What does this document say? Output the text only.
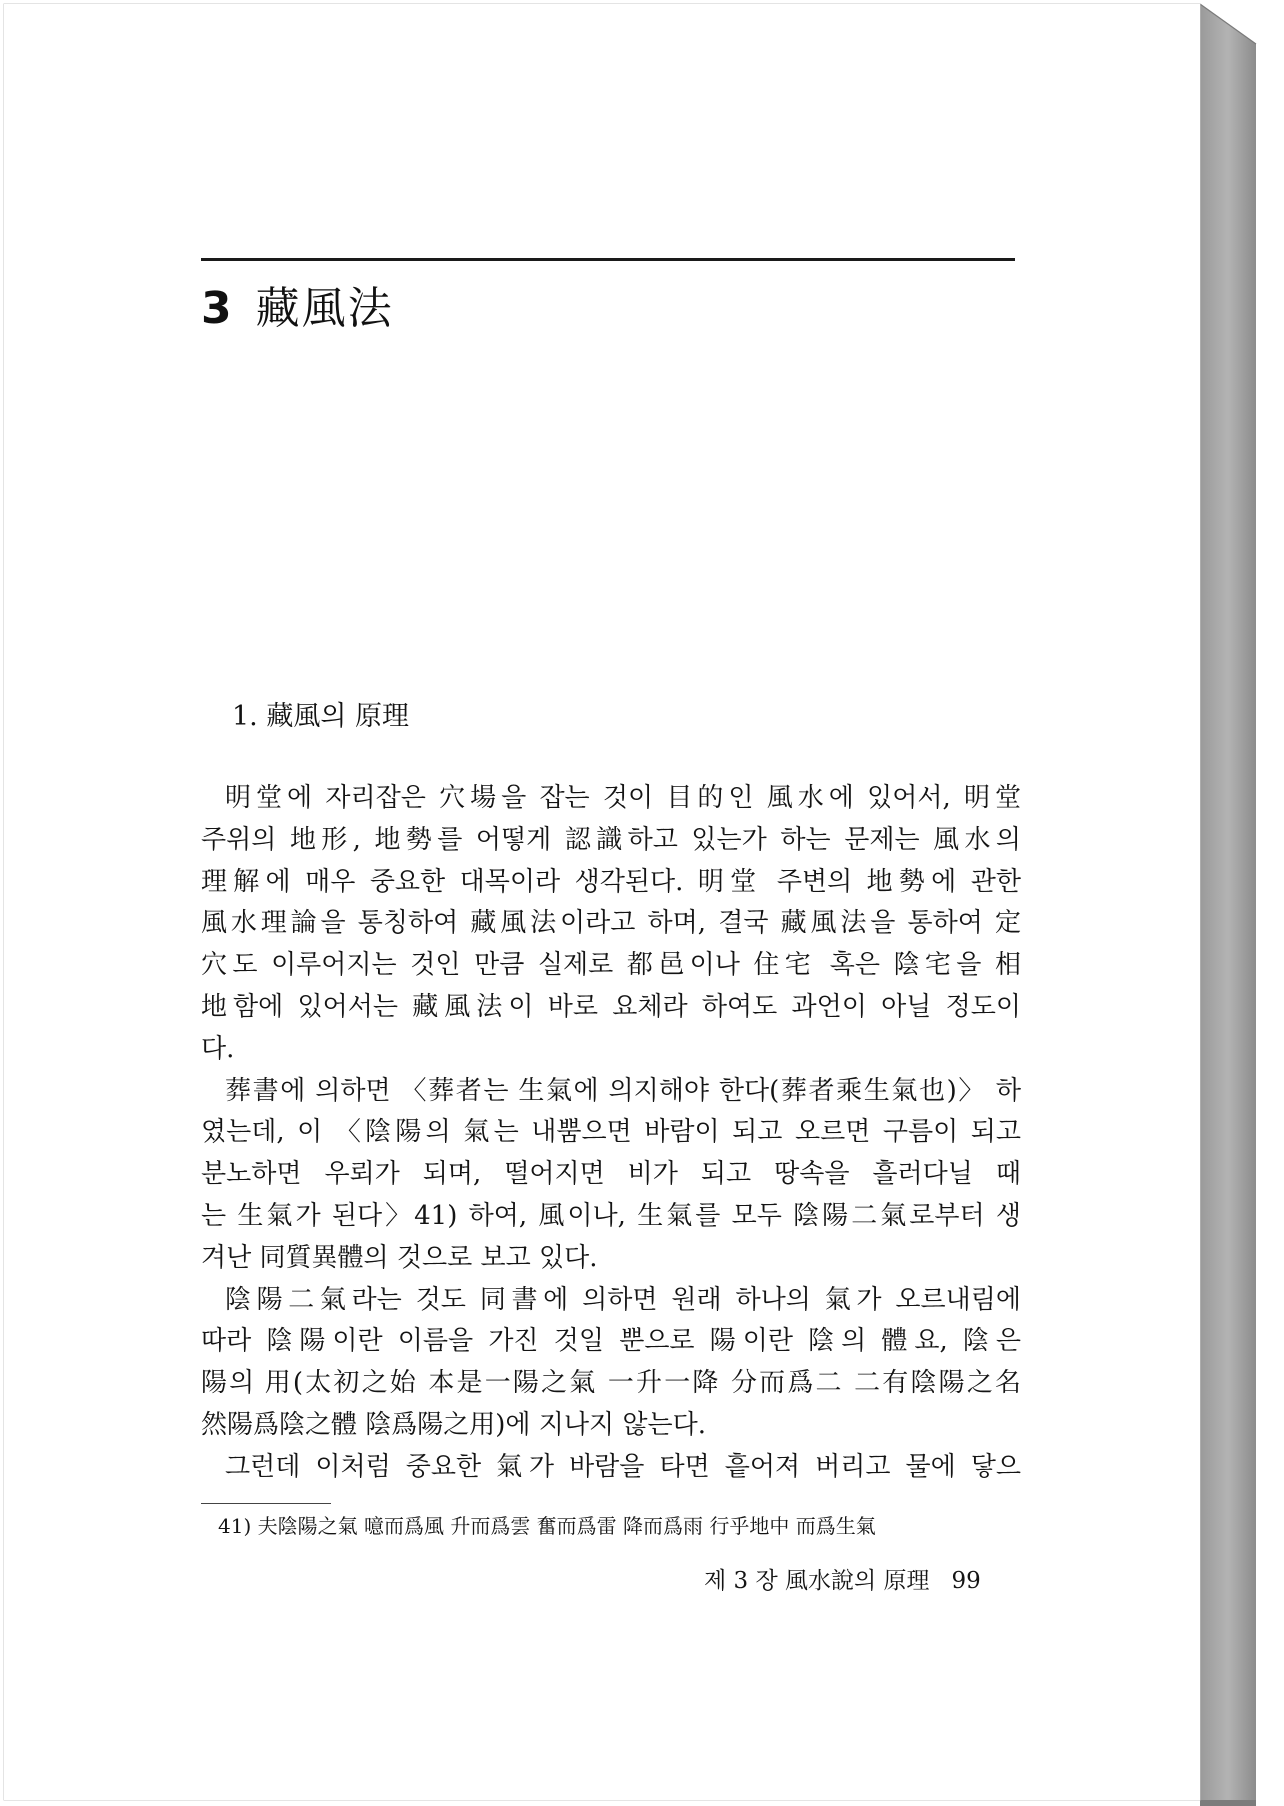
3 藏風法
1. 藏風의 原理
明堂에 자리잡은 穴場을 잡는 것이 目的인 風水에 있어서, 明堂
주위의 地形, 地勢를 어떻게 認識하고 있는가 하는 문제는 風水의
理解에 매우 중요한 대목이라 생각된다. 明堂 주변의 地勢에 관한
風水理論을 통칭하여 藏風法이라고 하며, 결국 藏風法을 통하여 定
穴도 이루어지는 것인 만큼 실제로 都邑이나 住宅 혹은 陰宅을 相
地함에 있어서는 藏風法이 바로 요체라 하여도 과언이 아닐 정도이
다.
葬書에 의하면 〈葬者는 生氣에 의지해야 한다(葬者乘生氣也)〉 하
였는데, 이 〈陰陽의 氣는 내뿜으면 바람이 되고 오르면 구름이 되고
분노하면 우뢰가 되며, 떨어지면 비가 되고 땅속을 흘러다닐 때
는 生氣가 된다〉41) 하여, 風이나, 生氣를 모두 陰陽二氣로부터 생
겨난 同質異體의 것으로 보고 있다.
陰陽二氣라는 것도 同書에 의하면 원래 하나의 氣가 오르내림에
따라 陰陽이란 이름을 가진 것일 뿐으로 陽이란 陰의 體요, 陰은
陽의 用(太初之始 本是一陽之氣 一升一降 分而爲二 二有陰陽之名
然陽爲陰之體 陰爲陽之用)에 지나지 않는다.
그런데 이처럼 중요한 氣가 바람을 타면 흩어져 버리고 물에 닿으
41) 夫陰陽之氣 噫而爲風 升而爲雲 奮而爲雷 降而爲雨 行乎地中 而爲生氣
제 3 장 風水說의 原理 99
